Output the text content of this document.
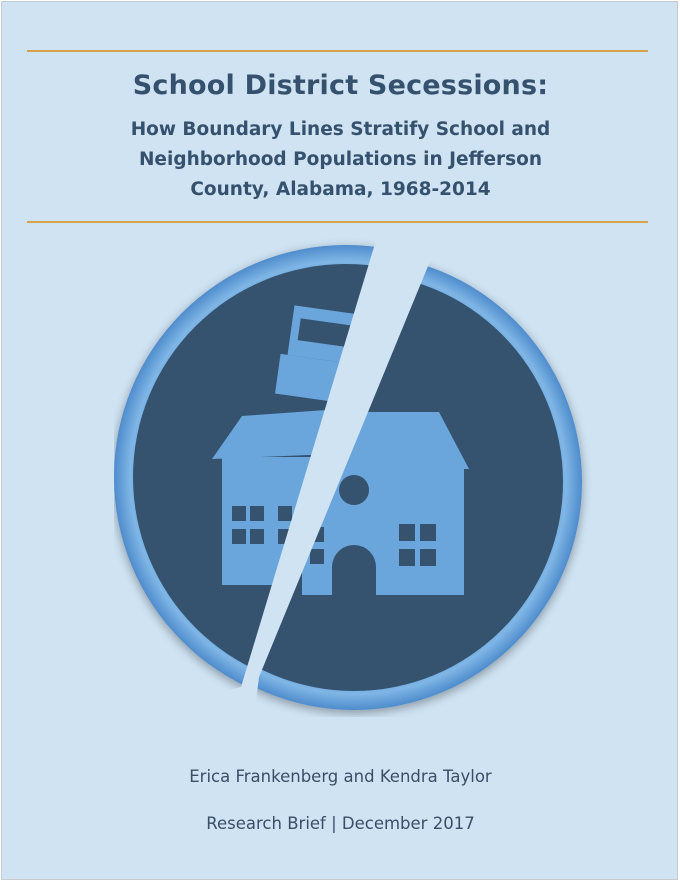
School District Secessions:
How Boundary Lines Stratify School and
Neighborhood Populations in Jefferson
County, Alabama, 1968-2014
Erica Frankenberg and Kendra Taylor
Research Brief | December 2017
